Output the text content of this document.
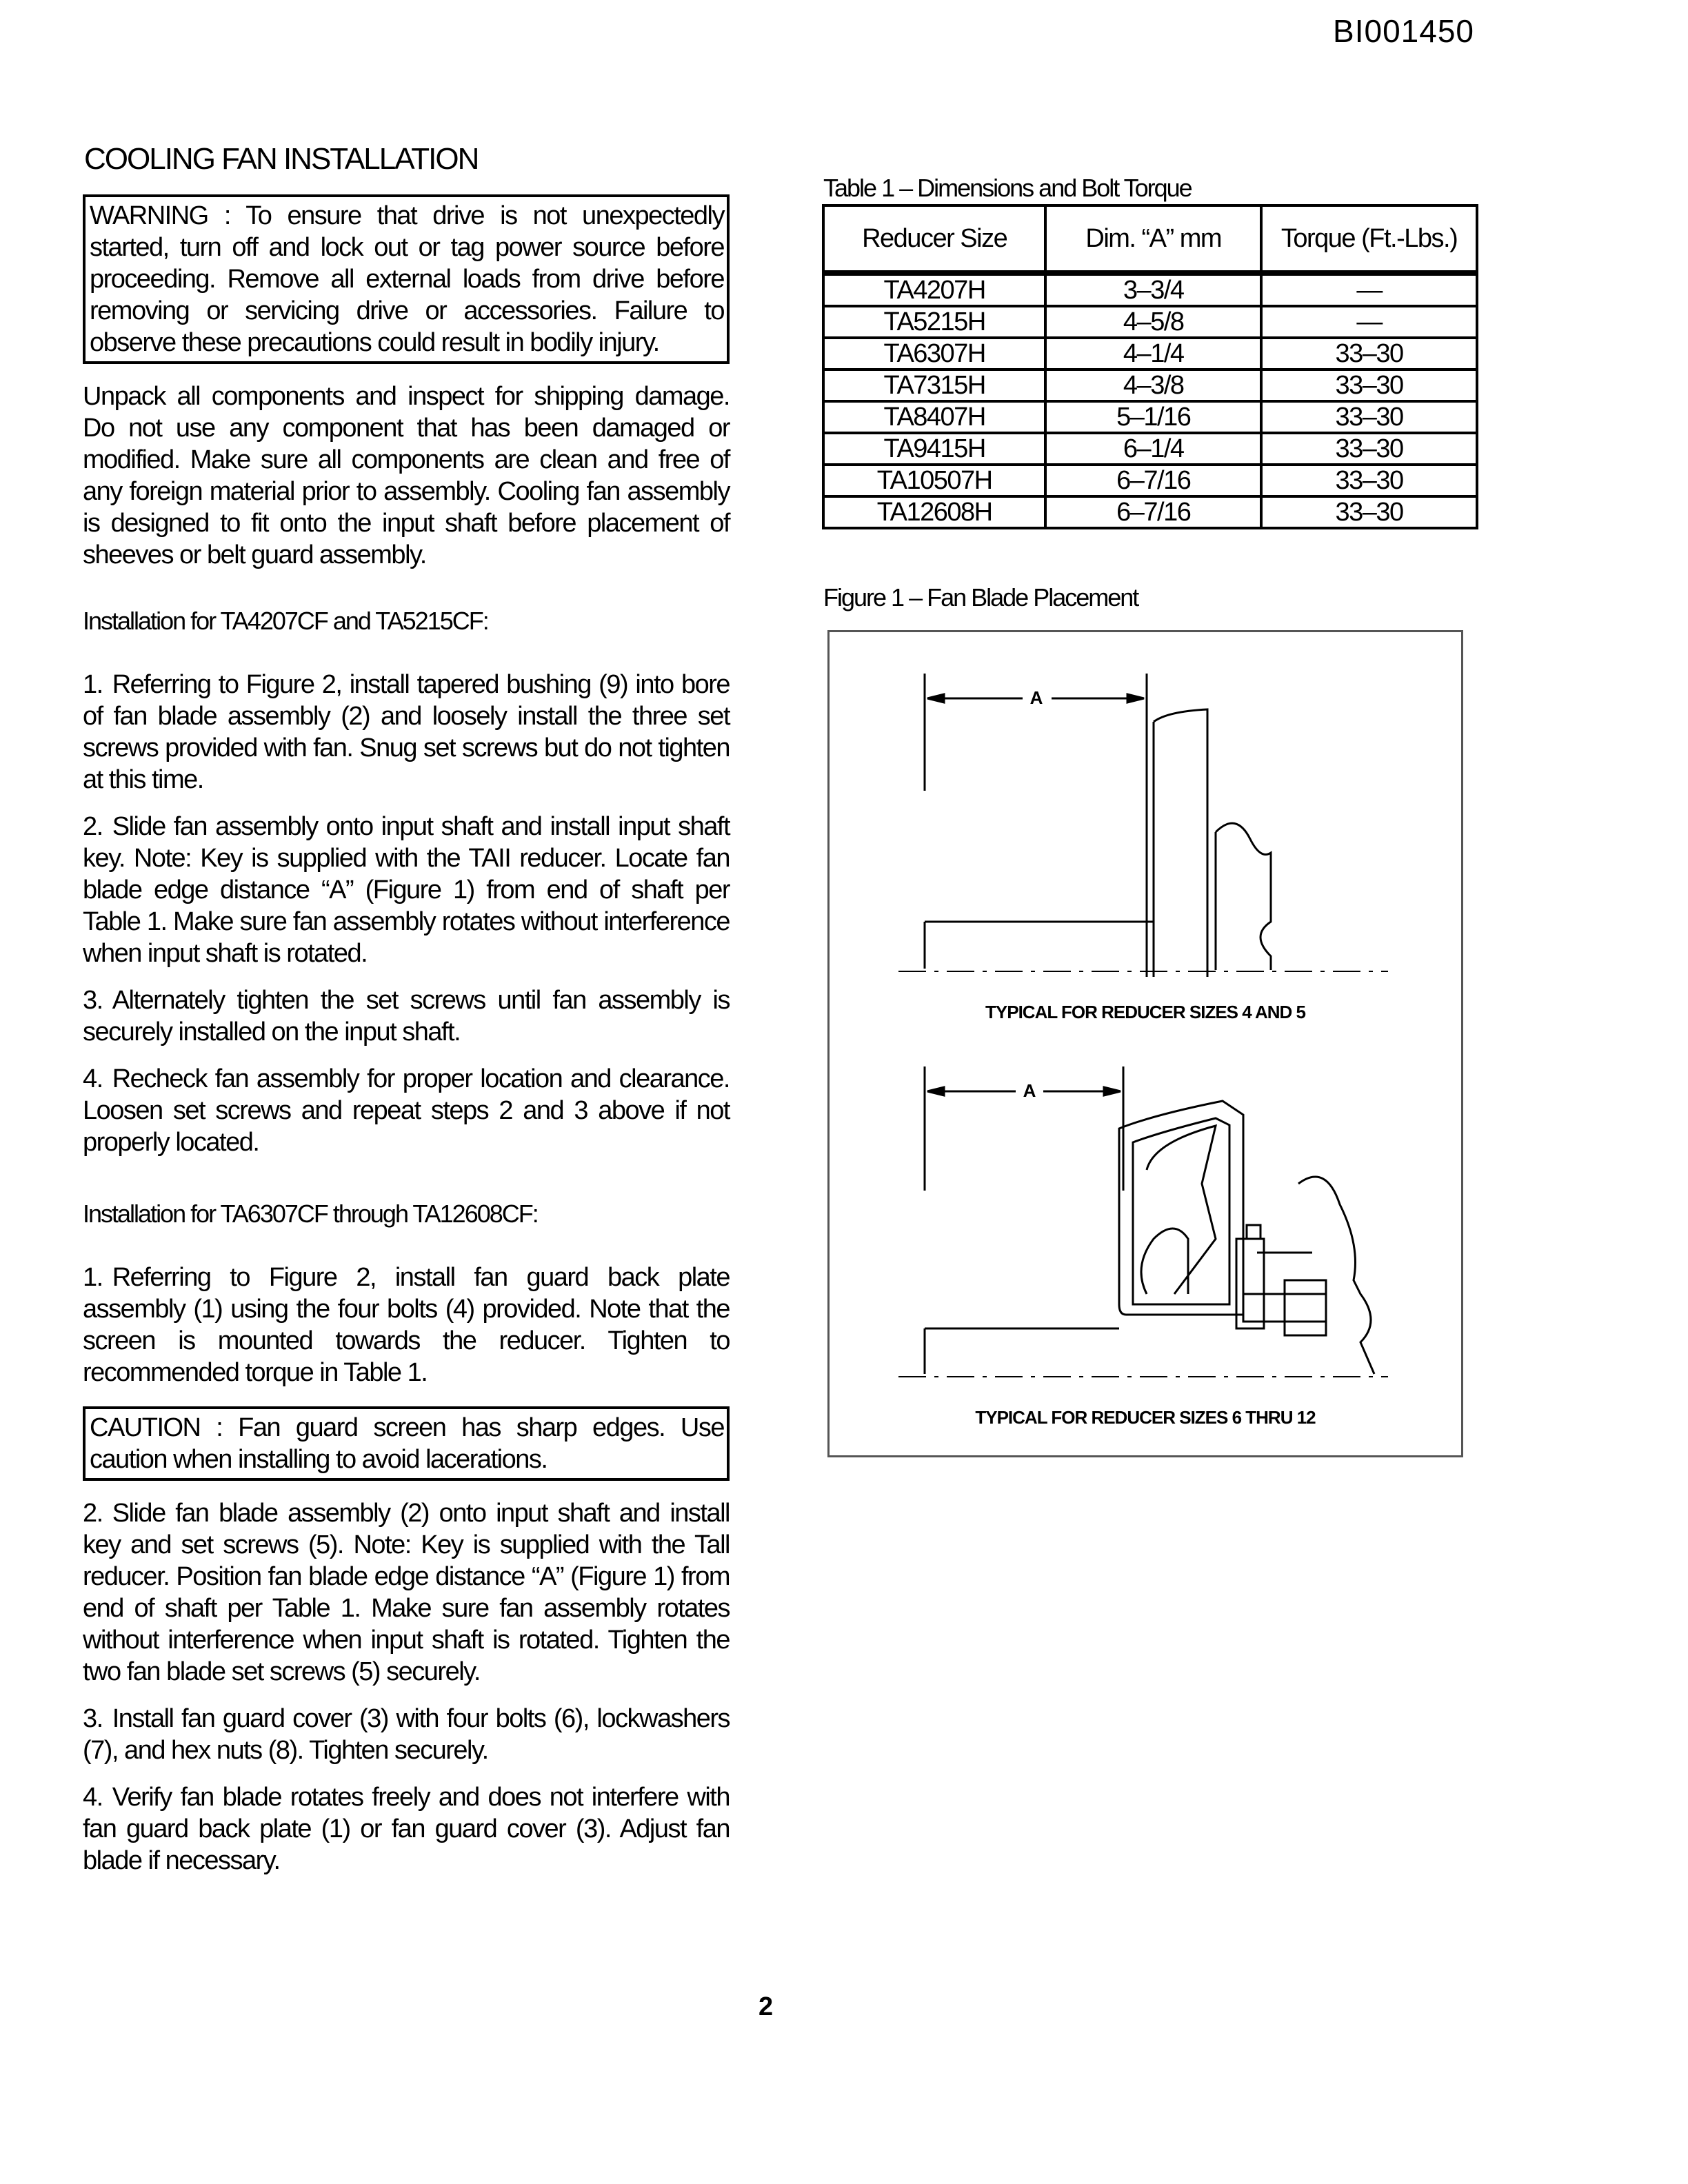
BI001450
COOLING FAN INSTALLATION
WARNING : To ensure that drive is not unexpectedly started, turn off and lock out or tag power source before proceeding. Remove all external loads from drive before removing or servicing drive or accessories. Failure to observe these precautions could result in bodily injury.
Unpack all components and inspect for shipping damage. Do not use any component that has been damaged or modified. Make sure all components are clean and free of any foreign material prior to assembly. Cooling fan assembly is designed to fit onto the input shaft before placement of sheeves or belt guard assembly.
Installation for TA4207CF and TA5215CF:

1. Referring to Figure 2, install tapered bushing (9) into bore of fan blade assembly (2) and loosely install the three set screws provided with fan. Snug set screws but do not tighten at this time.

2. Slide fan assembly onto input shaft and install input shaft key. Note: Key is supplied with the TAII reducer. Locate fan blade edge distance “A” (Figure 1) from end of shaft per Table 1. Make sure fan assembly rotates without interference when input shaft is rotated.

3. Alternately tighten the set screws until fan assembly is securely installed on the input shaft.

4. Recheck fan assembly for proper location and clearance. Loosen set screws and repeat steps 2 and 3 above if not properly located.

Installation for TA6307CF through TA12608CF:
1. Referring to Figure 2, install fan guard back plate assembly (1) using the four bolts (4) provided. Note that the screen is mounted towards the reducer. Tighten to recommended torque in Table 1.
CAUTION : Fan guard screen has sharp edges. Use caution when installing to avoid lacerations.

2. Slide fan blade assembly (2) onto input shaft and install key and set screws (5). Note: Key is supplied with the Tall reducer. Position fan blade edge distance “A” (Figure 1) from end of shaft per Table 1. Make sure fan assembly rotates without interference when input shaft is rotated. Tighten the two fan blade set screws (5) securely.

3. Install fan guard cover (3) with four bolts (6), lockwashers (7), and hex nuts (8). Tighten securely.

4. Verify fan blade rotates freely and does not interfere with fan guard back plate (1) or fan guard cover (3). Adjust fan blade if necessary.

2
Table 1 – Dimensions and Bolt Torque
Reducer Size	Dim. “A” mm	Torque (Ft.-Lbs.)
TA4207H	3–3/4	—
TA5215H	4–5/8	—
TA6307H	4–1/4	33–30
TA7315H	4–3/8	33–30
TA8407H	5–1/16	33–30
TA9415H	6–1/4	33–30
TA10507H	6–7/16	33–30
TA12608H	6–7/16	33–30
Figure 1 – Fan Blade Placement
A
TYPICAL FOR REDUCER SIZES 4 AND 5
A
TYPICAL FOR REDUCER SIZES 6 THRU 12
